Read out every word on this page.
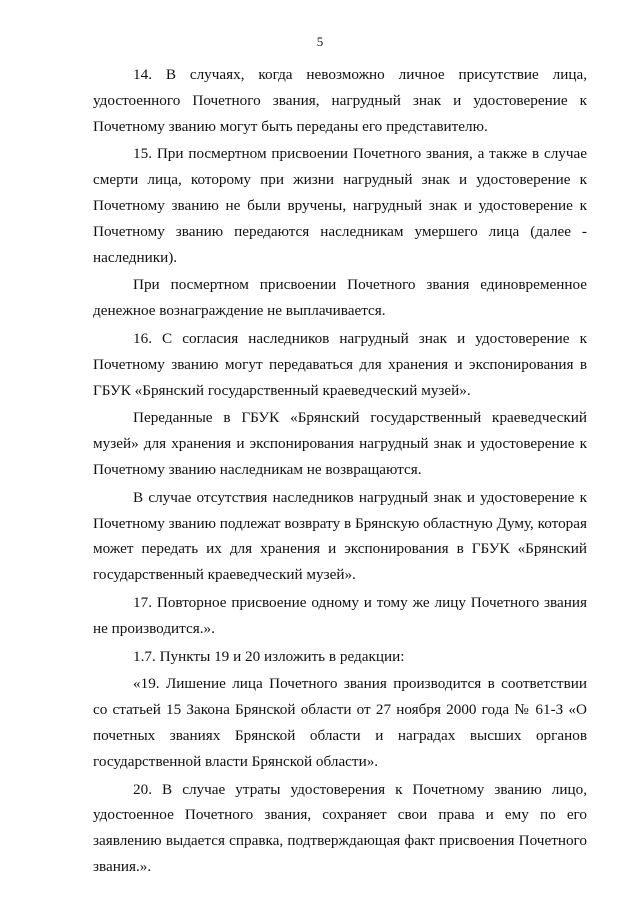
5

14. В случаях, когда невозможно личное присутствие лица, удостоенного Почетного звания, нагрудный знак и удостоверение к Почетному званию могут быть переданы его представителю.

15. При посмертном присвоении Почетного звания, а также в случае смерти лица, которому при жизни нагрудный знак и удостоверение к Почетному званию не были вручены, нагрудный знак и удостоверение к Почетному званию передаются наследникам умершего лица (далее - наследники).

При посмертном присвоении Почетного звания единовременное денежное вознаграждение не выплачивается.

16. С согласия наследников нагрудный знак и удостоверение к Почетному званию могут передаваться для хранения и экспонирования в ГБУК «Брянский государственный краеведческий музей».

Переданные в ГБУК «Брянский государственный краеведческий музей» для хранения и экспонирования нагрудный знак и удостоверение к Почетному званию наследникам не возвращаются.

В случае отсутствия наследников нагрудный знак и удостоверение к Почетному званию подлежат возврату в Брянскую областную Думу, которая может передать их для хранения и экспонирования в ГБУК «Брянский государственный краеведческий музей».

17. Повторное присвоение одному и тому же лицу Почетного звания не производится.».

1.7. Пункты 19 и 20 изложить в редакции:

«19. Лишение лица Почетного звания производится в соответствии со статьей 15 Закона Брянской области от 27 ноября 2000 года № 61-З «О почетных званиях Брянской области и наградах высших органов государственной власти Брянской области».

20. В случае утраты удостоверения к Почетному званию лицо, удостоенное Почетного звания, сохраняет свои права и ему по его заявлению выдается справка, подтверждающая факт присвоения Почетного звания.».
